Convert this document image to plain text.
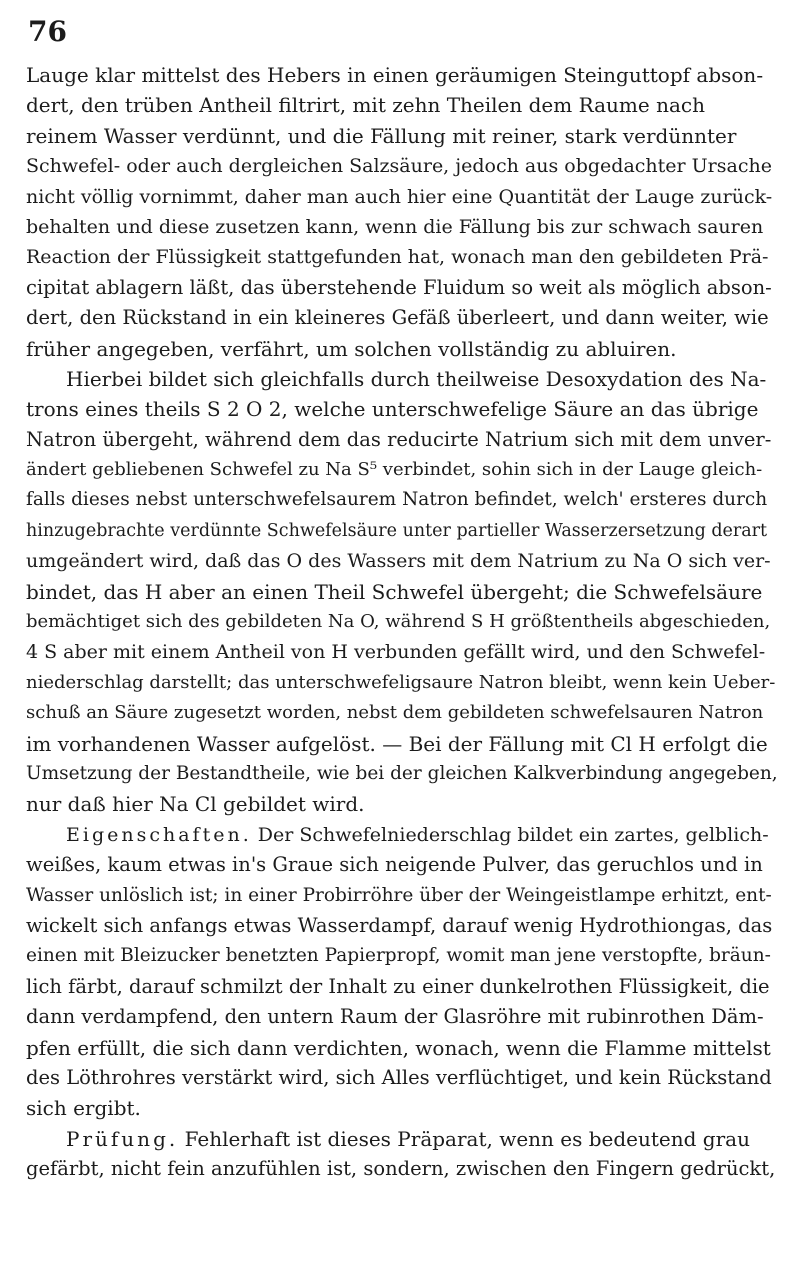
76
Lauge klar mittelst des Hebers in einen geräumigen Steinguttopf abson-
dert, den trüben Antheil filtrirt, mit zehn Theilen dem Raume nach
reinem Wasser verdünnt, und die Fällung mit reiner, stark verdünnter
Schwefel- oder auch dergleichen Salzsäure, jedoch aus obgedachter Ursache
nicht völlig vornimmt, daher man auch hier eine Quantität der Lauge zurück-
behalten und diese zusetzen kann, wenn die Fällung bis zur schwach sauren
Reaction der Flüssigkeit stattgefunden hat, wonach man den gebildeten Prä-
cipitat ablagern läßt, das überstehende Fluidum so weit als möglich abson-
dert, den Rückstand in ein kleineres Gefäß überleert, und dann weiter, wie
früher angegeben, verfährt, um solchen vollständig zu abluiren.
Hierbei bildet sich gleichfalls durch theilweise Desoxydation des Na-
trons eines theils S 2 O 2, welche unterschwefelige Säure an das übrige
Natron übergeht, während dem das reducirte Natrium sich mit dem unver-
ändert gebliebenen Schwefel zu Na S⁵ verbindet, sohin sich in der Lauge gleich-
falls dieses nebst unterschwefelsaurem Natron befindet, welch' ersteres durch
hinzugebrachte verdünnte Schwefelsäure unter partieller Wasserzersetzung derart
umgeändert wird, daß das O des Wassers mit dem Natrium zu Na O sich ver-
bindet, das H aber an einen Theil Schwefel übergeht; die Schwefelsäure
bemächtiget sich des gebildeten Na O, während S H größtentheils abgeschieden,
4 S aber mit einem Antheil von H verbunden gefällt wird, und den Schwefel-
niederschlag darstellt; das unterschwefeligsaure Natron bleibt, wenn kein Ueber-
schuß an Säure zugesetzt worden, nebst dem gebildeten schwefelsauren Natron
im vorhandenen Wasser aufgelöst. — Bei der Fällung mit Cl H erfolgt die
Umsetzung der Bestandtheile, wie bei der gleichen Kalkverbindung angegeben,
nur daß hier Na Cl gebildet wird.
Eigenschaften. Der Schwefelniederschlag bildet ein zartes, gelblich-
weißes, kaum etwas in's Graue sich neigende Pulver, das geruchlos und in
Wasser unlöslich ist; in einer Probirröhre über der Weingeistlampe erhitzt, ent-
wickelt sich anfangs etwas Wasserdampf, darauf wenig Hydrothiongas, das
einen mit Bleizucker benetzten Papierpropf, womit man jene verstopfte, bräun-
lich färbt, darauf schmilzt der Inhalt zu einer dunkelrothen Flüssigkeit, die
dann verdampfend, den untern Raum der Glasröhre mit rubinrothen Däm-
pfen erfüllt, die sich dann verdichten, wonach, wenn die Flamme mittelst
des Löthrohres verstärkt wird, sich Alles verflüchtiget, und kein Rückstand
sich ergibt.
Prüfung. Fehlerhaft ist dieses Präparat, wenn es bedeutend grau
gefärbt, nicht fein anzufühlen ist, sondern, zwischen den Fingern gedrückt,
